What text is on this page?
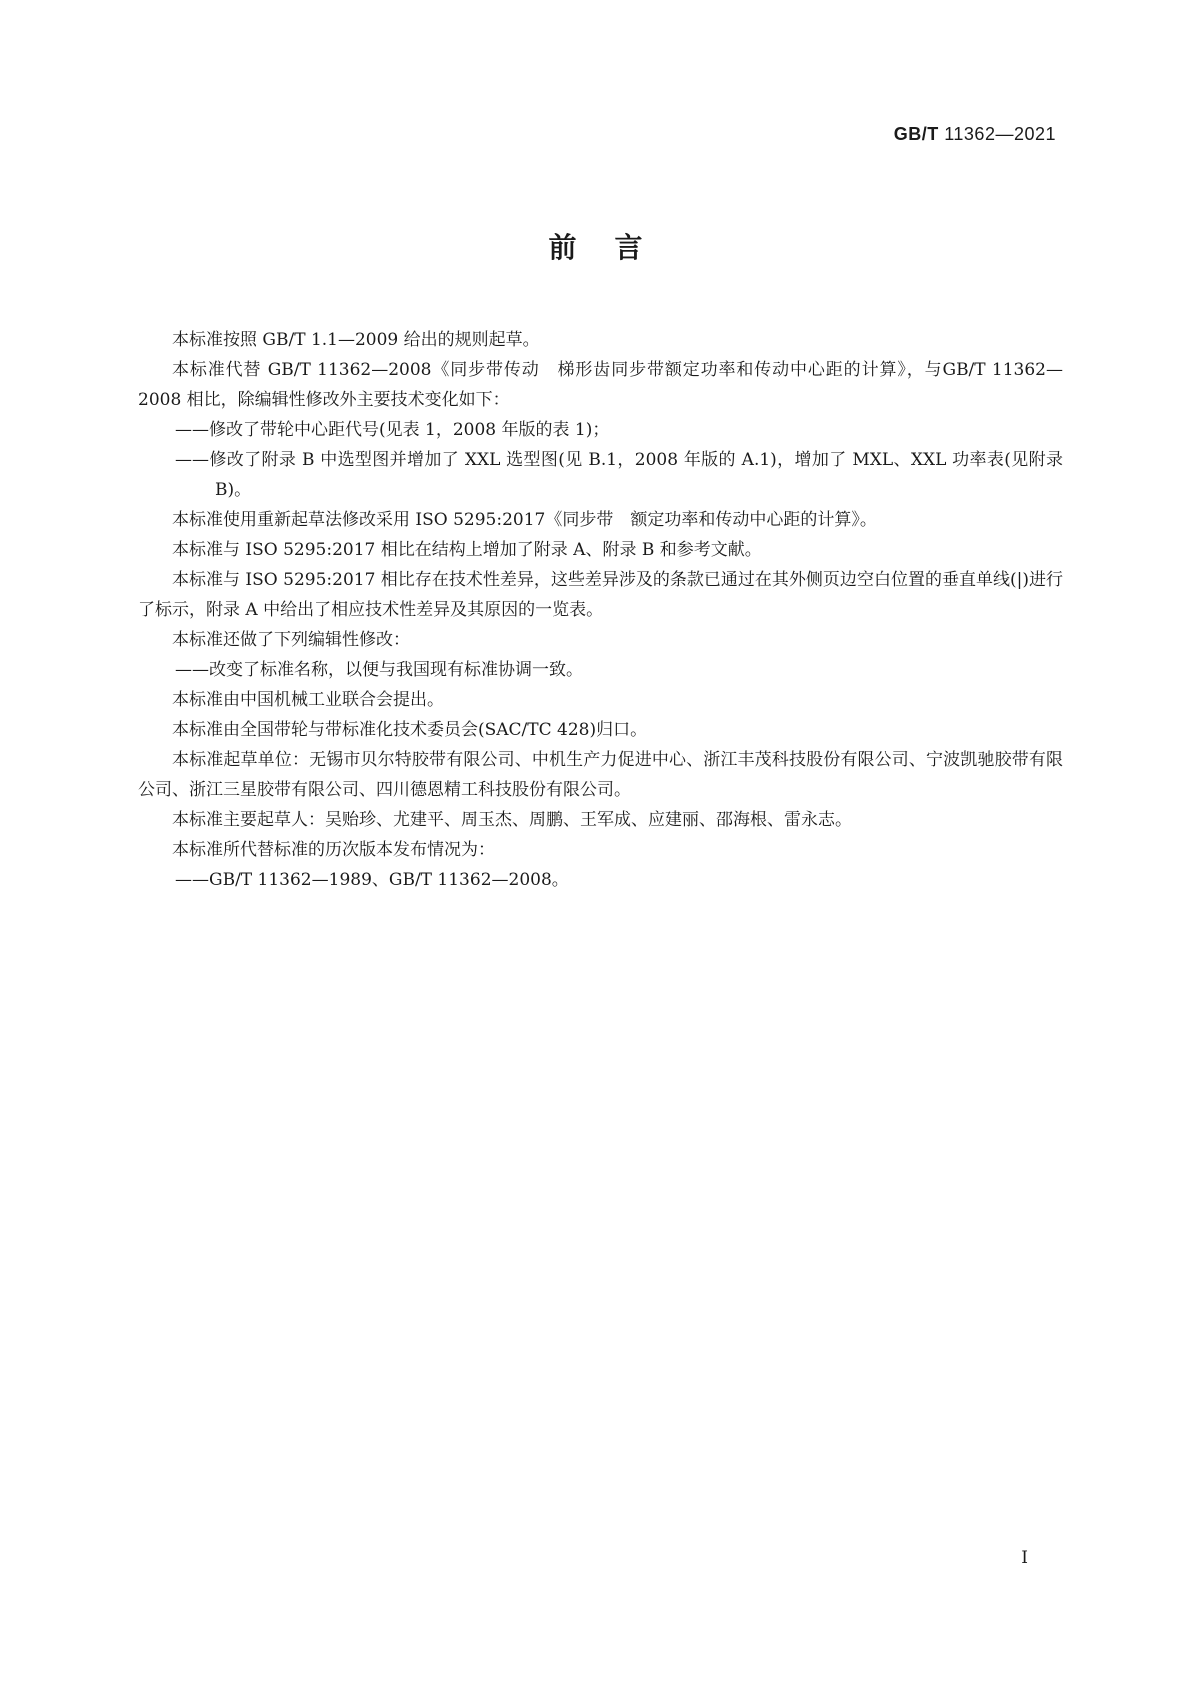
GB/T 11362—2021
前言

本标准按照 GB/T 1.1—2009 给出的规则起草。

本标准代替 GB/T 11362—2008《同步带传动　梯形齿同步带额定功率和传动中心距的计算》，与GB/T 11362—2008 相比，除编辑性修改外主要技术变化如下：

——修改了带轮中心距代号(见表 1，2008 年版的表 1)；

——修改了附录 B 中选型图并增加了 XXL 选型图(见 B.1，2008 年版的 A.1)，增加了 MXL、XXL 功率表(见附录 B)。

本标准使用重新起草法修改采用 ISO 5295:2017《同步带　额定功率和传动中心距的计算》。

本标准与 ISO 5295:2017 相比在结构上增加了附录 A、附录 B 和参考文献。

本标准与 ISO 5295:2017 相比存在技术性差异，这些差异涉及的条款已通过在其外侧页边空白位置的垂直单线(|)进行了标示，附录 A 中给出了相应技术性差异及其原因的一览表。

本标准还做了下列编辑性修改：

——改变了标准名称，以便与我国现有标准协调一致。

本标准由中国机械工业联合会提出。

本标准由全国带轮与带标准化技术委员会(SAC/TC 428)归口。

本标准起草单位：无锡市贝尔特胶带有限公司、中机生产力促进中心、浙江丰茂科技股份有限公司、宁波凯驰胶带有限公司、浙江三星胶带有限公司、四川德恩精工科技股份有限公司。

本标准主要起草人：吴贻珍、尤建平、周玉杰、周鹏、王军成、应建丽、邵海根、雷永志。

本标准所代替标准的历次版本发布情况为：

——GB/T 11362—1989、GB/T 11362—2008。

I
